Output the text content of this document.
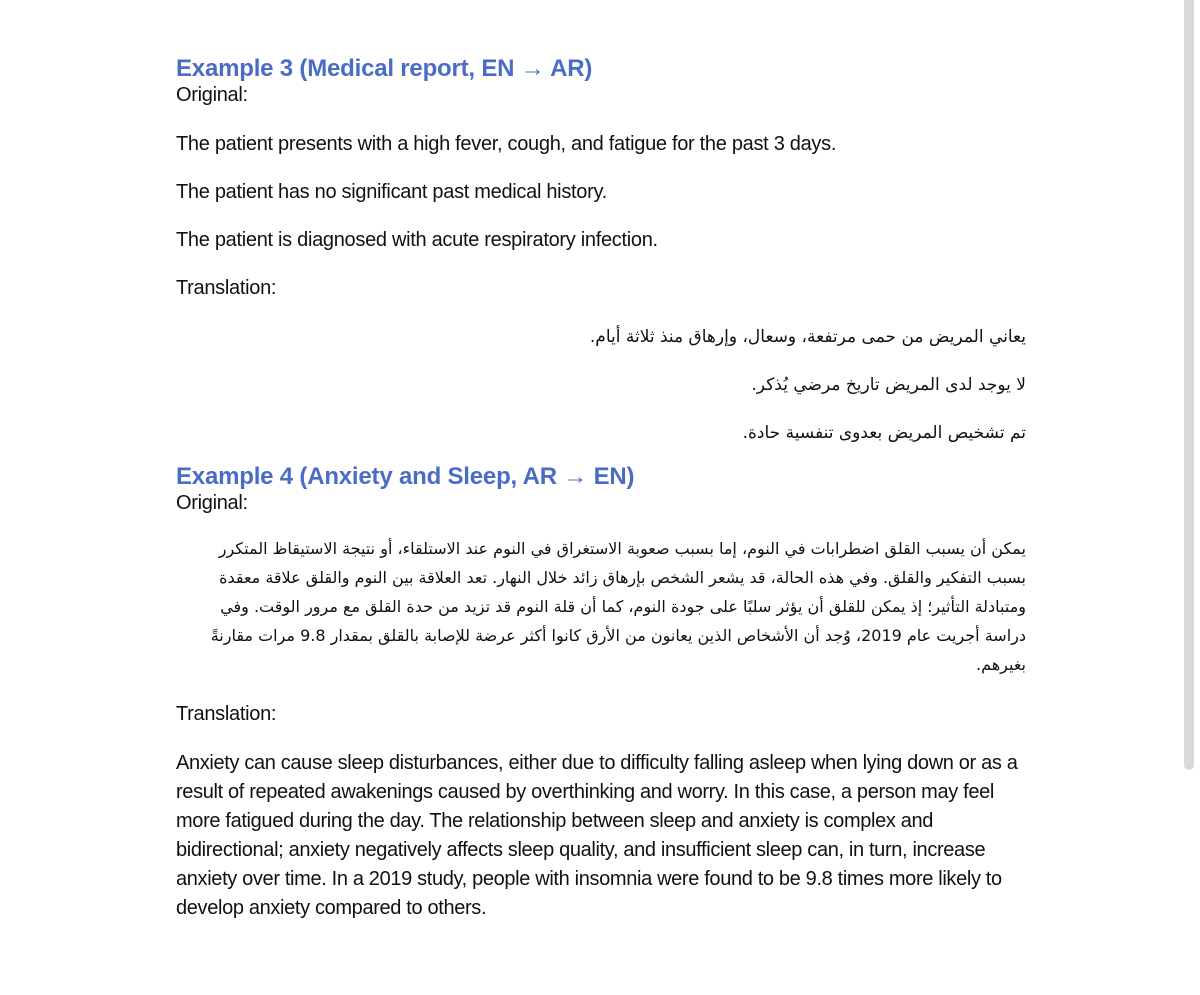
Example 3 (Medical report, EN → AR)

Original:

The patient presents with a high fever, cough, and fatigue for the past 3 days.

The patient has no significant past medical history.

The patient is diagnosed with acute respiratory infection.

Translation:

يعاني المريض من حمى مرتفعة، وسعال، وإرهاق منذ ثلاثة أيام.

لا يوجد لدى المريض تاريخ مرضي يُذكر.

تم تشخيص المريض بعدوى تنفسية حادة.

Example 4 (Anxiety and Sleep, AR → EN)

Original:

يمكن أن يسبب القلق اضطرابات في النوم، إما بسبب صعوبة الاستغراق في النوم عند الاستلقاء، أو نتيجة الاستيقاظ المتكرر بسبب التفكير والقلق. وفي هذه الحالة، قد يشعر الشخص بإرهاق زائد خلال النهار. تعد العلاقة بين النوم والقلق علاقة معقدة ومتبادلة التأثير؛ إذ يمكن للقلق أن يؤثر سلبًا على جودة النوم، كما أن قلة النوم قد تزيد من حدة القلق مع مرور الوقت. وفي دراسة أجريت عام 2019، وُجد أن الأشخاص الذين يعانون من الأرق كانوا أكثر عرضة للإصابة بالقلق بمقدار 9.8 مرات مقارنةً بغيرهم.

Translation:

Anxiety can cause sleep disturbances, either due to difficulty falling asleep when lying down or as a result of repeated awakenings caused by overthinking and worry. In this case, a person may feel more fatigued during the day. The relationship between sleep and anxiety is complex and bidirectional; anxiety negatively affects sleep quality, and insufficient sleep can, in turn, increase anxiety over time. In a 2019 study, people with insomnia were found to be 9.8 times more likely to develop anxiety compared to others.
